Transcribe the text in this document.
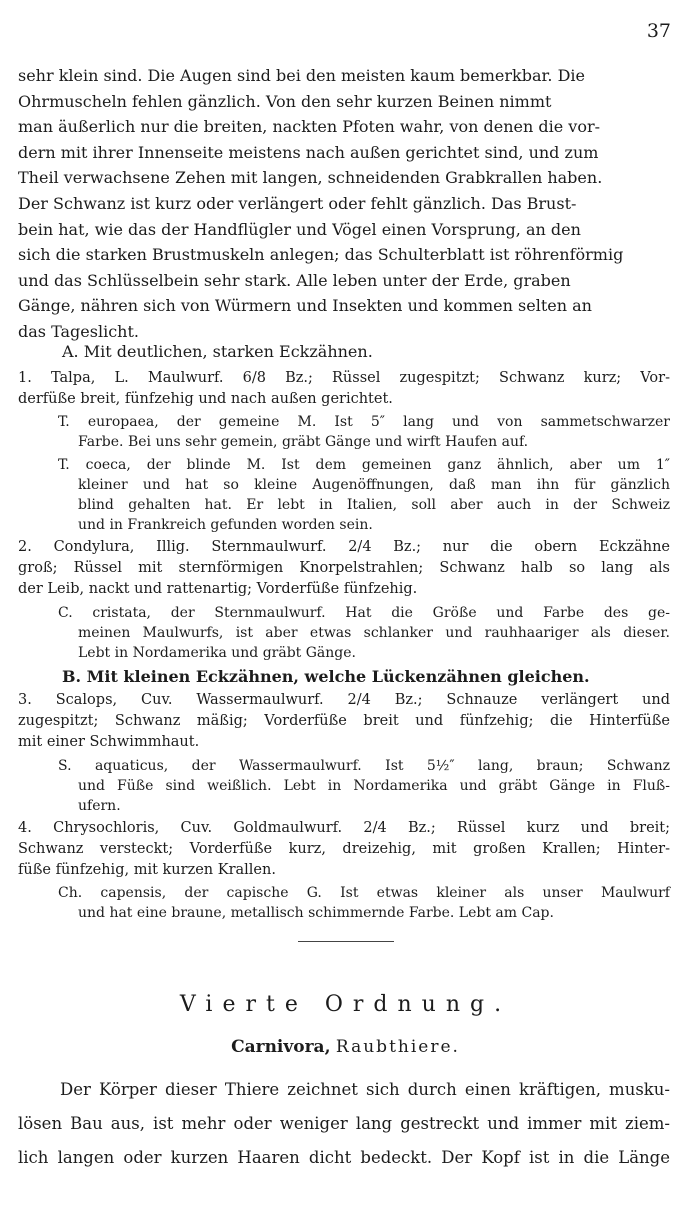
37
sehr klein sind. Die Augen sind bei den meisten kaum bemerkbar. Die
Ohrmuscheln fehlen gänzlich. Von den sehr kurzen Beinen nimmt
man äußerlich nur die breiten, nackten Pfoten wahr, von denen die vor-
dern mit ihrer Innenseite meistens nach außen gerichtet sind, und zum
Theil verwachsene Zehen mit langen, schneidenden Grabkrallen haben.
Der Schwanz ist kurz oder verlängert oder fehlt gänzlich. Das Brust-
bein hat, wie das der Handflügler und Vögel einen Vorsprung, an den
sich die starken Brustmuskeln anlegen; das Schulterblatt ist röhrenförmig
und das Schlüsselbein sehr stark. Alle leben unter der Erde, graben
Gänge, nähren sich von Würmern und Insekten und kommen selten an
das Tageslicht.
A. Mit deutlichen, starken Eckzähnen.
1. Talpa, L. Maulwurf. 6/8 Bz.; Rüssel zugespitzt; Schwanz kurz; Vor-
derfüße breit, fünfzehig und nach außen gerichtet.
T. europaea, der gemeine M. Ist 5″ lang und von sammetschwarzer
Farbe. Bei uns sehr gemein, gräbt Gänge und wirft Haufen auf.
T. coeca, der blinde M. Ist dem gemeinen ganz ähnlich, aber um 1″
kleiner und hat so kleine Augenöffnungen, daß man ihn für gänzlich
blind gehalten hat. Er lebt in Italien, soll aber auch in der Schweiz
und in Frankreich gefunden worden sein.
2. Condylura, Illig. Sternmaulwurf. 2/4 Bz.; nur die obern Eckzähne
groß; Rüssel mit sternförmigen Knorpelstrahlen; Schwanz halb so lang als
der Leib, nackt und rattenartig; Vorderfüße fünfzehig.
C. cristata, der Sternmaulwurf. Hat die Größe und Farbe des ge-
meinen Maulwurfs, ist aber etwas schlanker und rauhhaariger als dieser.
Lebt in Nordamerika und gräbt Gänge.
B. Mit kleinen Eckzähnen, welche Lückenzähnen gleichen.
3. Scalops, Cuv. Wassermaulwurf. 2/4 Bz.; Schnauze verlängert und
zugespitzt; Schwanz mäßig; Vorderfüße breit und fünfzehig; die Hinterfüße
mit einer Schwimmhaut.
S. aquaticus, der Wassermaulwurf. Ist 5½″ lang, braun; Schwanz
und Füße sind weißlich. Lebt in Nordamerika und gräbt Gänge in Fluß-
ufern.
4. Chrysochloris, Cuv. Goldmaulwurf. 2/4 Bz.; Rüssel kurz und breit;
Schwanz versteckt; Vorderfüße kurz, dreizehig, mit großen Krallen; Hinter-
füße fünfzehig, mit kurzen Krallen.
Ch. capensis, der capische G. Ist etwas kleiner als unser Maulwurf
und hat eine braune, metallisch schimmernde Farbe. Lebt am Cap.
Vierte Ordnung.
Carnivora, Raubthiere.
Der Körper dieser Thiere zeichnet sich durch einen kräftigen, musku-
lösen Bau aus, ist mehr oder weniger lang gestreckt und immer mit ziem-
lich langen oder kurzen Haaren dicht bedeckt. Der Kopf ist in die Länge
